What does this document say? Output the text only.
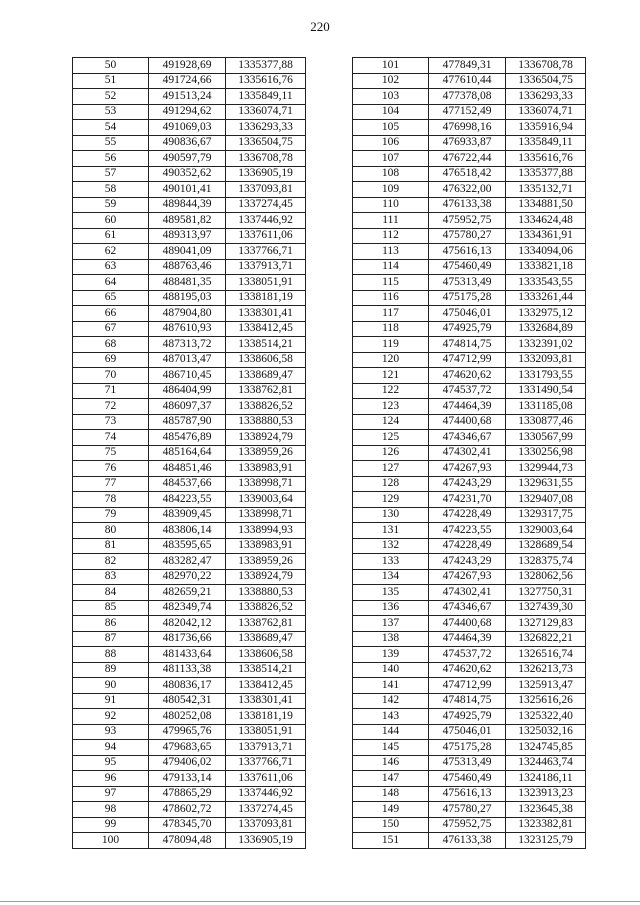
220
50	491928,69	1335377,88
51	491724,66	1335616,76
52	491513,24	1335849,11
53	491294,62	1336074,71
54	491069,03	1336293,33
55	490836,67	1336504,75
56	490597,79	1336708,78
57	490352,62	1336905,19
58	490101,41	1337093,81
59	489844,39	1337274,45
60	489581,82	1337446,92
61	489313,97	1337611,06
62	489041,09	1337766,71
63	488763,46	1337913,71
64	488481,35	1338051,91
65	488195,03	1338181,19
66	487904,80	1338301,41
67	487610,93	1338412,45
68	487313,72	1338514,21
69	487013,47	1338606,58
70	486710,45	1338689,47
71	486404,99	1338762,81
72	486097,37	1338826,52
73	485787,90	1338880,53
74	485476,89	1338924,79
75	485164,64	1338959,26
76	484851,46	1338983,91
77	484537,66	1338998,71
78	484223,55	1339003,64
79	483909,45	1338998,71
80	483806,14	1338994,93
81	483595,65	1338983,91
82	483282,47	1338959,26
83	482970,22	1338924,79
84	482659,21	1338880,53
85	482349,74	1338826,52
86	482042,12	1338762,81
87	481736,66	1338689,47
88	481433,64	1338606,58
89	481133,38	1338514,21
90	480836,17	1338412,45
91	480542,31	1338301,41
92	480252,08	1338181,19
93	479965,76	1338051,91
94	479683,65	1337913,71
95	479406,02	1337766,71
96	479133,14	1337611,06
97	478865,29	1337446,92
98	478602,72	1337274,45
99	478345,70	1337093,81
100	478094,48	1336905,19
101	477849,31	1336708,78
102	477610,44	1336504,75
103	477378,08	1336293,33
104	477152,49	1336074,71
105	476998,16	1335916,94
106	476933,87	1335849,11
107	476722,44	1335616,76
108	476518,42	1335377,88
109	476322,00	1335132,71
110	476133,38	1334881,50
111	475952,75	1334624,48
112	475780,27	1334361,91
113	475616,13	1334094,06
114	475460,49	1333821,18
115	475313,49	1333543,55
116	475175,28	1333261,44
117	475046,01	1332975,12
118	474925,79	1332684,89
119	474814,75	1332391,02
120	474712,99	1332093,81
121	474620,62	1331793,55
122	474537,72	1331490,54
123	474464,39	1331185,08
124	474400,68	1330877,46
125	474346,67	1330567,99
126	474302,41	1330256,98
127	474267,93	1329944,73
128	474243,29	1329631,55
129	474231,70	1329407,08
130	474228,49	1329317,75
131	474223,55	1329003,64
132	474228,49	1328689,54
133	474243,29	1328375,74
134	474267,93	1328062,56
135	474302,41	1327750,31
136	474346,67	1327439,30
137	474400,68	1327129,83
138	474464,39	1326822,21
139	474537,72	1326516,74
140	474620,62	1326213,73
141	474712,99	1325913,47
142	474814,75	1325616,26
143	474925,79	1325322,40
144	475046,01	1325032,16
145	475175,28	1324745,85
146	475313,49	1324463,74
147	475460,49	1324186,11
148	475616,13	1323913,23
149	475780,27	1323645,38
150	475952,75	1323382,81
151	476133,38	1323125,79
